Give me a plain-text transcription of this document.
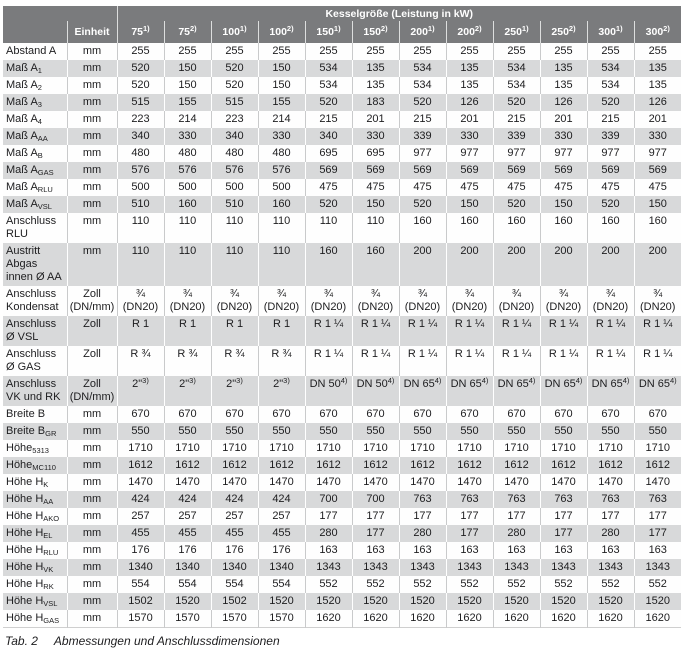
		Kesselgröße (Leistung in kW)											
	Einheit	75$^{1)}$	75$^{2)}$	100$^{1)}$	100$^{2)}$	150$^{1)}$	150$^{2)}$	200$^{1)}$	200$^{2)}$	250$^{1)}$	250$^{2)}$	300$^{1)}$	300$^{2)}$
Abstand A	mm	255	255	255	255	255	255	255	255	255	255	255	255
Maß $A_1$	mm	520	150	520	150	534	135	534	135	534	135	534	135
Maß $A_2$	mm	520	150	520	150	534	135	534	135	534	135	534	135
Maß $A_3$	mm	515	155	515	155	520	183	520	126	520	126	520	126
Maß $A_4$	mm	223	214	223	214	215	201	215	201	215	201	215	201
Maß $A_{AA}$	mm	340	330	340	330	340	330	339	330	339	330	339	330
Maß $A_B$	mm	480	480	480	480	695	695	977	977	977	977	977	977
Maß $A_{GAS}$	mm	576	576	576	576	569	569	569	569	569	569	569	569
Maß $A_{RLU}$	mm	500	500	500	500	475	475	475	475	475	475	475	475
Maß $A_{VSL}$	mm	510	160	510	160	520	150	520	150	520	150	520	150
Anschluss RLU	mm	110	110	110	110	110	110	160	160	160	160	160	160
Austritt Abgas innen Ø AA	mm	110	110	110	110	160	160	200	200	200	200	200	200
Anschluss Kondensat	Zoll (DN/mm)	¾ (DN20)	¾ (DN20)	¾ (DN20)	¾ (DN20)	¾ (DN20)	¾ (DN20)	¾ (DN20)	¾ (DN20)	¾ (DN20)	¾ (DN20)	¾ (DN20)	¾ (DN20)
Anschluss Ø VSL	Zoll	R 1	R 1	R 1	R 1	R 1 ¼	R 1 ¼	R 1 ¼	R 1 ¼	R 1 ¼	R 1 ¼	R 1 ¼	R 1 ¼
Anschluss Ø GAS	Zoll	R ¾	R ¾	R ¾	R ¾	R 1 ¼	R 1 ¼	R 1 ¼	R 1 ¼	R 1 ¼	R 1 ¼	R 1 ¼	R 1 ¼
Anschluss VK und RK	Zoll (DN/mm)	2"$^{3)}$	2"$^{3)}$	2"$^{3)}$	2"$^{3)}$	DN 50$^{4)}$	DN 50$^{4)}$	DN 65$^{4)}$	DN 65$^{4)}$	DN 65$^{4)}$	DN 65$^{4)}$	DN 65$^{4)}$	DN 65$^{4)}$
Breite B	mm	670	670	670	670	670	670	670	670	670	670	670	670
Breite $B_{GR}$	mm	550	550	550	550	550	550	550	550	550	550	550	550
Höhe$_{5313}$	mm	1710	1710	1710	1710	1710	1710	1710	1710	1710	1710	1710	1710
Höhe$_{MC110}$	mm	1612	1612	1612	1612	1612	1612	1612	1612	1612	1612	1612	1612
Höhe $H_K$	mm	1470	1470	1470	1470	1470	1470	1470	1470	1470	1470	1470	1470
Höhe $H_{AA}$	mm	424	424	424	424	700	700	763	763	763	763	763	763
Höhe $H_{AKO}$	mm	257	257	257	257	177	177	177	177	177	177	177	177
Höhe $H_{EL}$	mm	455	455	455	455	280	177	280	177	280	177	280	177
Höhe $H_{RLU}$	mm	176	176	176	176	163	163	163	163	163	163	163	163
Höhe $H_{VK}$	mm	1340	1340	1340	1340	1343	1343	1343	1343	1343	1343	1343	1343
Höhe $H_{RK}$	mm	554	554	554	554	552	552	552	552	552	552	552	552
Höhe $H_{VSL}$	mm	1502	1520	1502	1520	1520	1520	1520	1520	1520	1520	1520	1520
Höhe $H_{GAS}$	mm	1570	1570	1570	1570	1620	1620	1620	1620	1620	1620	1620	1620
Tab. 2 Abmessungen und Anschlussdimensionen
